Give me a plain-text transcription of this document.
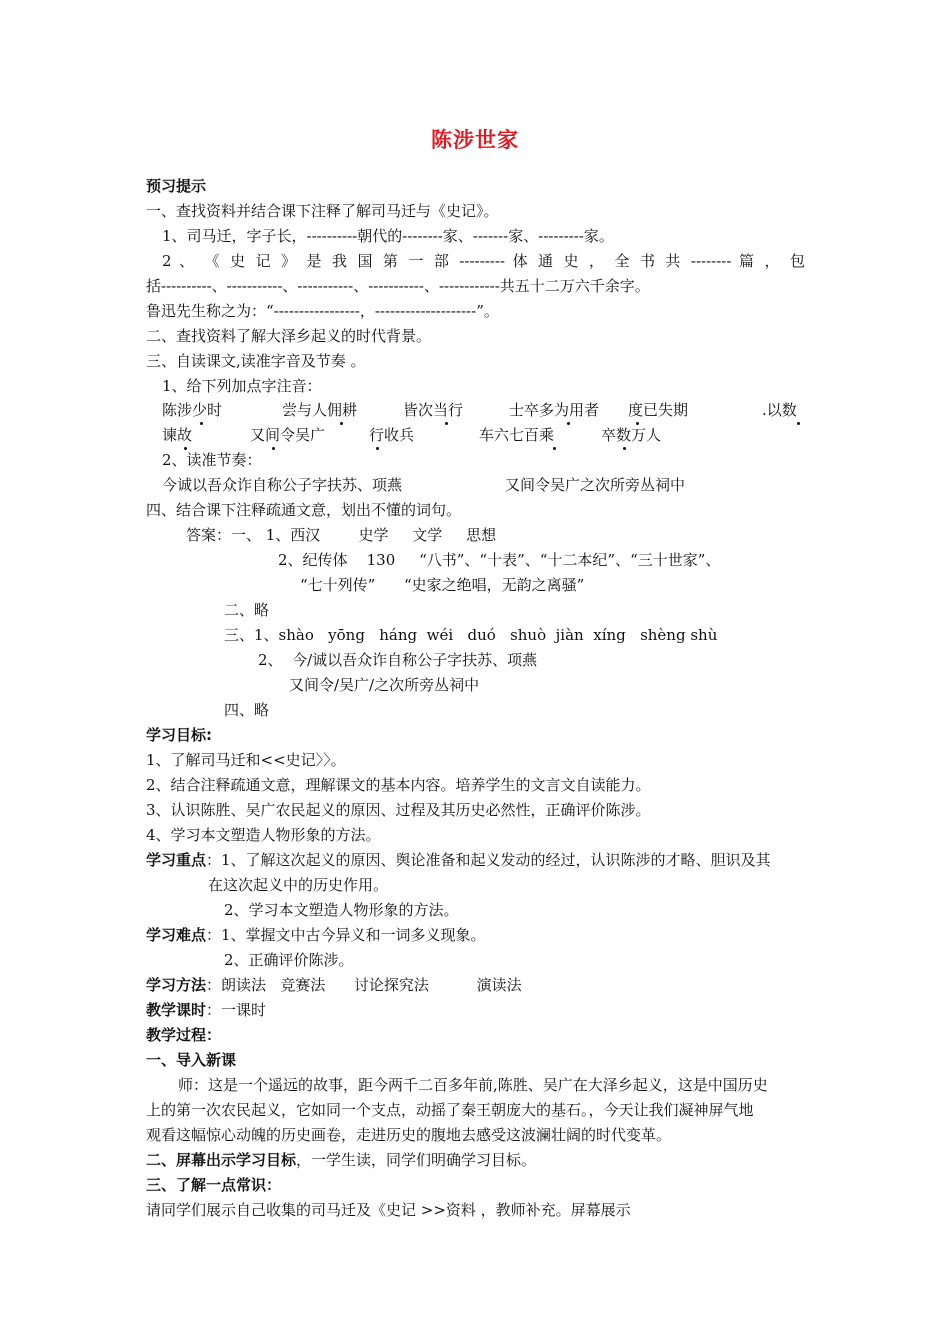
陈涉世家
预习提示
一、查找资料并结合课下注释了解司马迁与《史记》。
1、司马迁，字子长，----------朝代的--------家、-------家、---------家。
2 、 《 史 记 》 是 我 国 第 一 部 --------- 体 通 史 ， 全 书 共 -------- 篇 ， 包
括----------、-----------、-----------、-----------、------------共五十二万六千余字。
鲁迅先生称之为：“-----------------，--------------------”。
二、查找资料了解大泽乡起义的时代背景。
三、自读课文,读准字音及节奏 。
1、给下列加点字注音：
陈涉少时	尝与人佣耕	皆次当行	士卒多为用者 度已失期	.以数
谏故	又间令吴广	行收兵	车六七百乘	卒数万人
2、读准节奏：
今诚以吾众诈自称公子字扶苏、项燕	又间令吴广之次所旁丛祠中
四、结合课下注释疏通文意，划出不懂的词句。
答案：一、 1、西汉        史学     文学     思想
2、纪传体    130     “八书”、“十表”、“十二本纪”、“三十世家”、
“七十列传”      “史家之绝唱，无韵之离骚”
二、略
三、1、shào   yōng   háng  wéi   duó   shuò  jiàn  xíng   shèng shù
2、  今/诚以吾众诈自称公子字扶苏、项燕
又间令/吴广/之次所旁丛祠中
四、略
学习目标:
1、了解司马迁和<<史记〉〉。
2、结合注释疏通文意，理解课文的基本内容。培养学生的文言文自读能力。
3、认识陈胜、吴广农民起义的原因、过程及其历史必然性，正确评价陈涉。
4、学习本文塑造人物形象的方法。
学习重点：1、了解这次起义的原因、舆论准备和起义发动的经过，认识陈涉的才略、胆识及其
在这次起义中的历史作用。
2、学习本文塑造人物形象的方法。
学习难点：1、掌握文中古今异义和一词多义现象。
2、正确评价陈涉。
学习方法：朗读法   竞赛法      讨论探究法          演读法
教学课时：一课时
教学过程：
一、导入新课
师：这是一个遥远的故事，距今两千二百多年前,陈胜、吴广在大泽乡起义，这是中国历史
上的第一次农民起义，它如同一个支点，动摇了秦王朝庞大的基石。，今天让我们凝神屏气地
观看这幅惊心动魄的历史画卷，走进历史的腹地去感受这波澜壮阔的时代变革。
二、屏幕出示学习目标，一学生读，同学们明确学习目标。
三、了解一点常识：
请同学们展示自己收集的司马迁及《史记 >>资料 ，教师补充。屏幕展示
